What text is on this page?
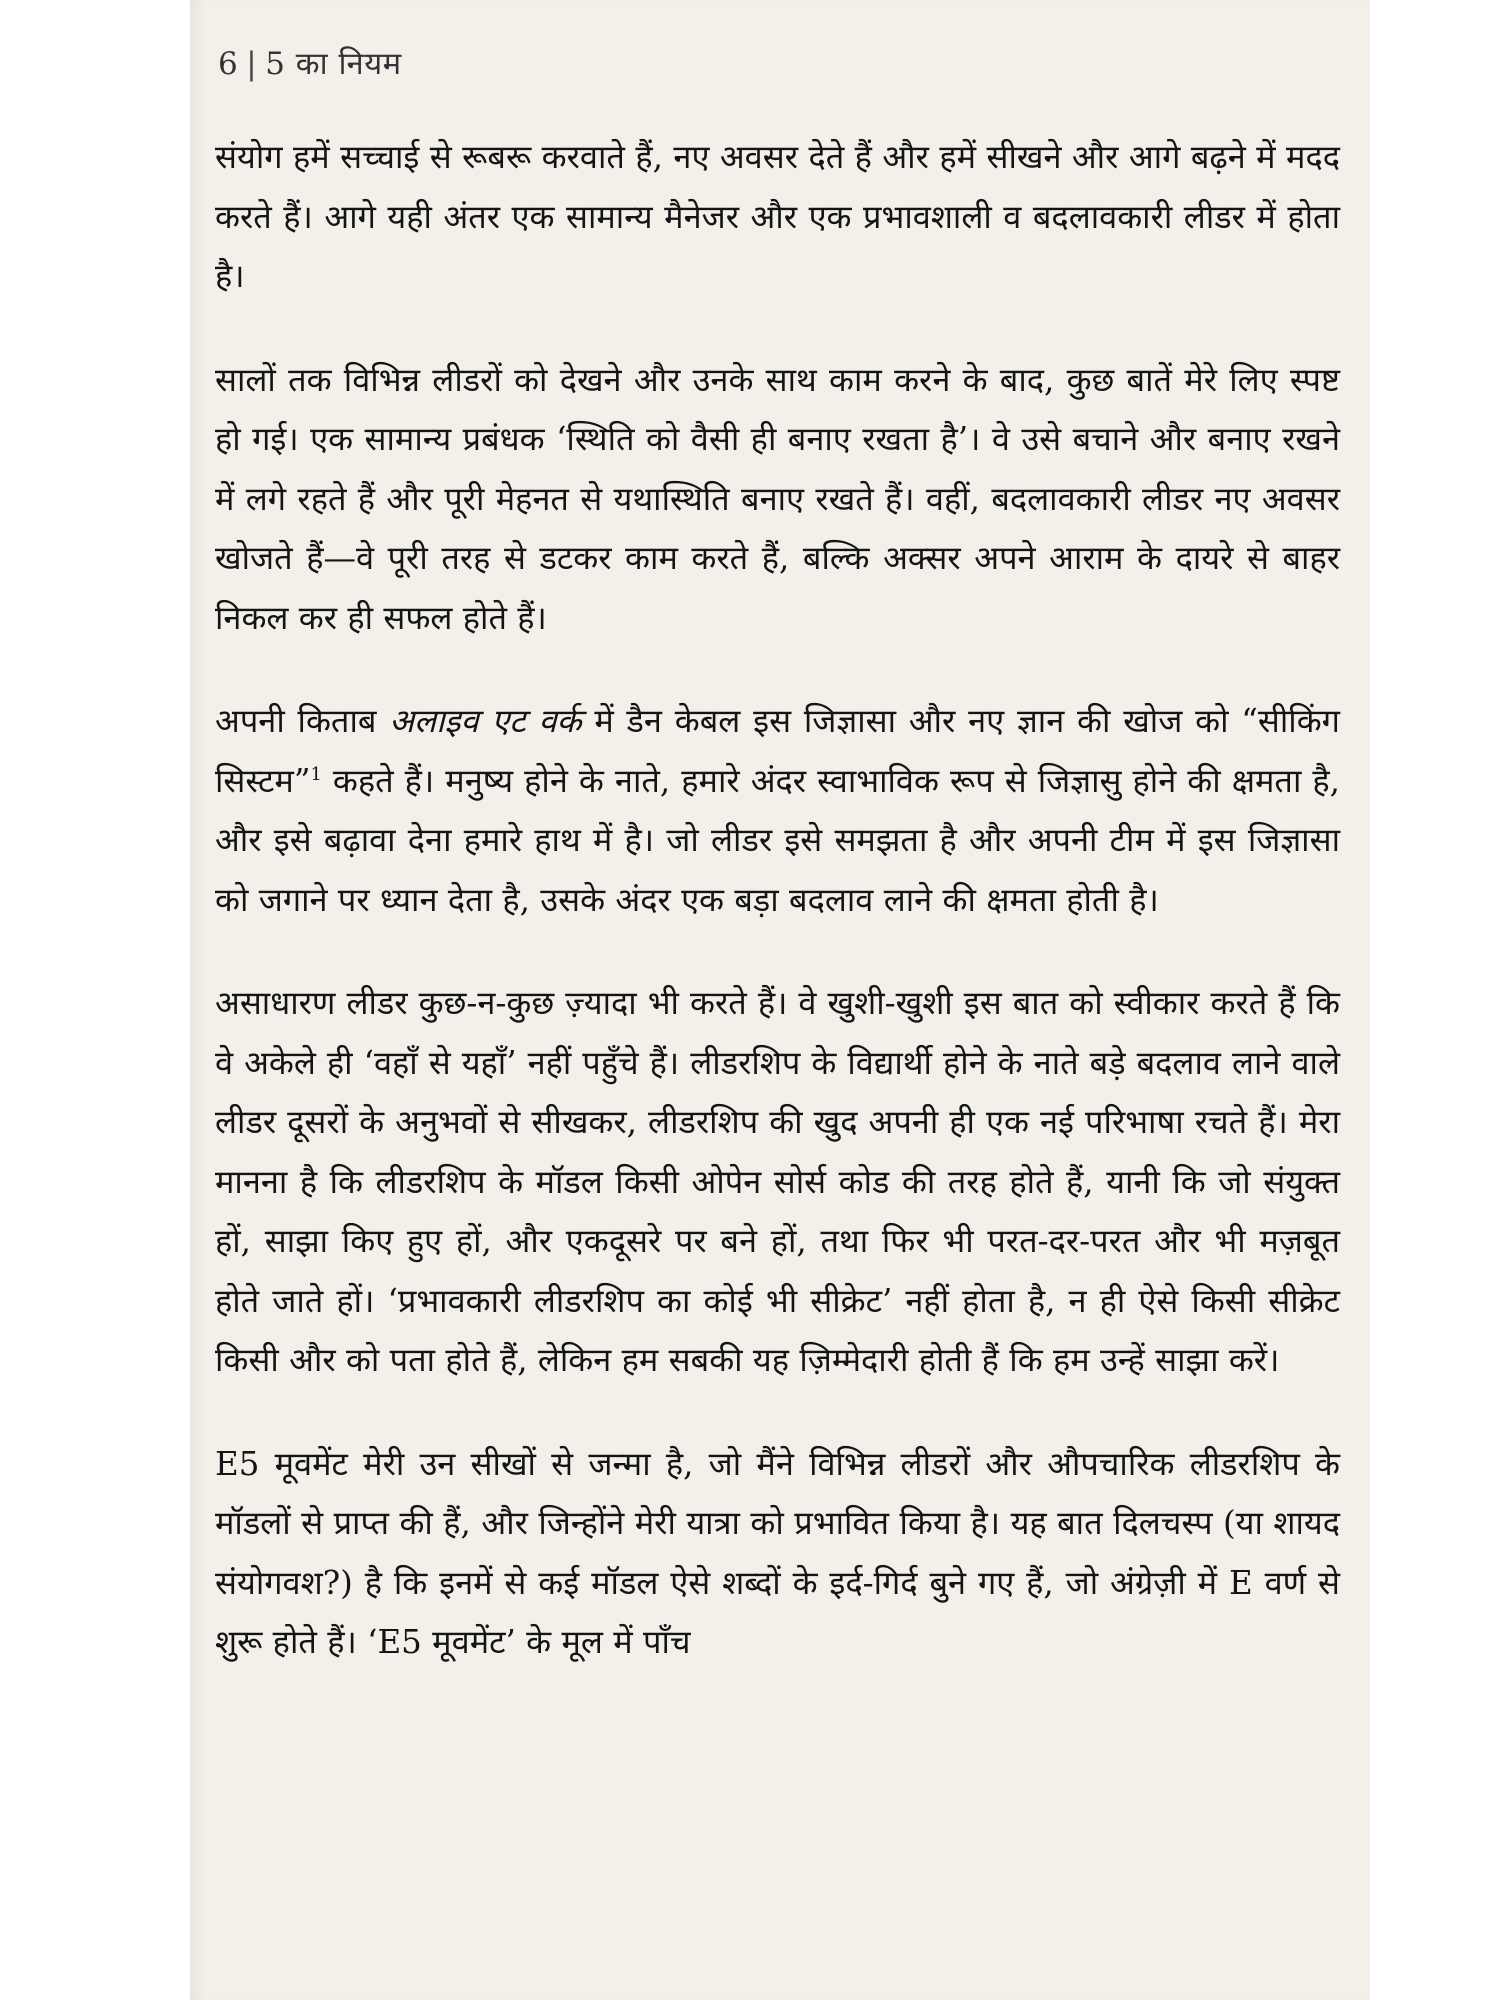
6 | 5 का नियम

संयोग हमें सच्चाई से रूबरू करवाते हैं, नए अवसर देते हैं और हमें सीखने और आगे बढ़ने में मदद करते हैं। आगे यही अंतर एक सामान्य मैनेजर और एक प्रभावशाली व बदलावकारी लीडर में होता है।

सालों तक विभिन्न लीडरों को देखने और उनके साथ काम करने के बाद, कुछ बातें मेरे लिए स्पष्ट हो गई। एक सामान्य प्रबंधक ‘स्थिति को वैसी ही बनाए रखता है’। वे उसे बचाने और बनाए रखने में लगे रहते हैं और पूरी मेहनत से यथास्थिति बनाए रखते हैं। वहीं, बदलावकारी लीडर नए अवसर खोजते हैं—वे पूरी तरह से डटकर काम करते हैं, बल्कि अक्सर अपने आराम के दायरे से बाहर निकल कर ही सफल होते हैं।

अपनी किताब अलाइव एट वर्क में डैन केबल इस जिज्ञासा और नए ज्ञान की खोज को “सीकिंग सिस्टम”$^1$ कहते हैं। मनुष्य होने के नाते, हमारे अंदर स्वाभाविक रूप से जिज्ञासु होने की क्षमता है, और इसे बढ़ावा देना हमारे हाथ में है। जो लीडर इसे समझता है और अपनी टीम में इस जिज्ञासा को जगाने पर ध्यान देता है, उसके अंदर एक बड़ा बदलाव लाने की क्षमता होती है।

असाधारण लीडर कुछ-न-कुछ ज़्यादा भी करते हैं। वे खुशी-खुशी इस बात को स्वीकार करते हैं कि वे अकेले ही ‘वहाँ से यहाँ’ नहीं पहुँचे हैं। लीडरशिप के विद्यार्थी होने के नाते बड़े बदलाव लाने वाले लीडर दूसरों के अनुभवों से सीखकर, लीडरशिप की खुद अपनी ही एक नई परिभाषा रचते हैं। मेरा मानना है कि लीडरशिप के मॉडल किसी ओपेन सोर्स कोड की तरह होते हैं, यानी कि जो संयुक्त हों, साझा किए हुए हों, और एकदूसरे पर बने हों, तथा फिर भी परत-दर-परत और भी मज़बूत होते जाते हों। ‘प्रभावकारी लीडरशिप का कोई भी सीक्रेट’ नहीं होता है, न ही ऐसे किसी सीक्रेट किसी और को पता होते हैं, लेकिन हम सबकी यह ज़िम्मेदारी होती हैं कि हम उन्हें साझा करें।

E5 मूवमेंट मेरी उन सीखों से जन्मा है, जो मैंने विभिन्न लीडरों और औपचारिक लीडरशिप के मॉडलों से प्राप्त की हैं, और जिन्होंने मेरी यात्रा को प्रभावित किया है। यह बात दिलचस्प (या शायद संयोगवश?) है कि इनमें से कई मॉडल ऐसे शब्दों के इर्द-गिर्द बुने गए हैं, जो अंग्रेज़ी में E वर्ण से शुरू होते हैं। ‘E5 मूवमेंट’ के मूल में पाँच
